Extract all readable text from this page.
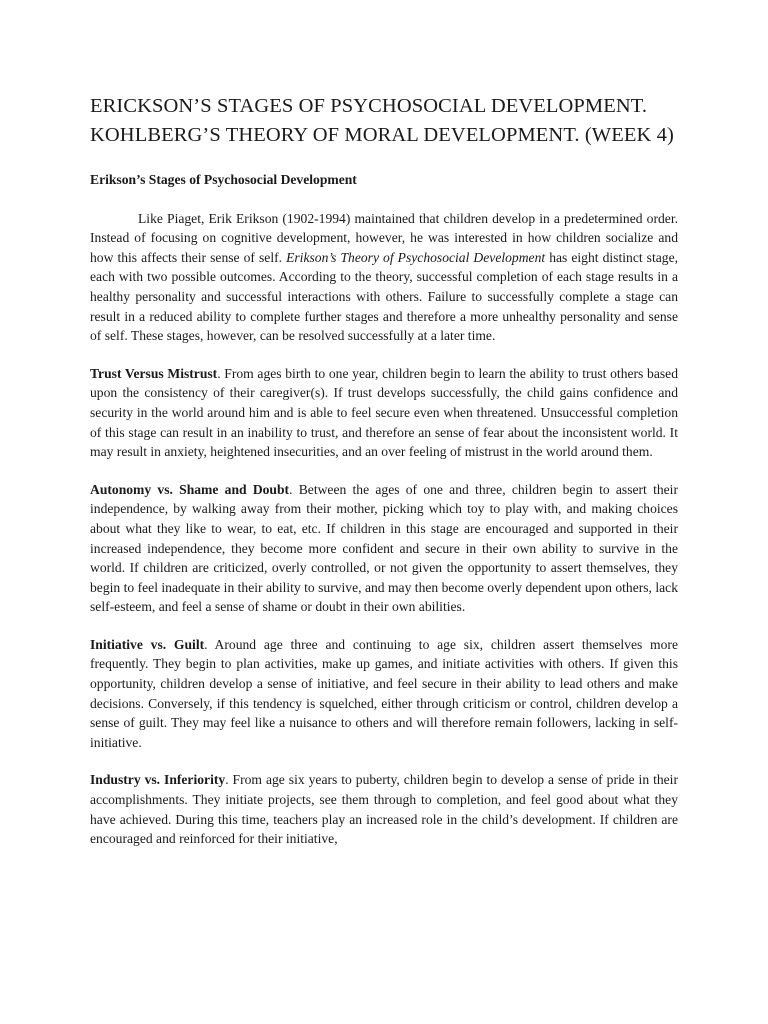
ERICKSON’S STAGES OF PSYCHOSOCIAL DEVELOPMENT.
KOHLBERG’S THEORY OF MORAL DEVELOPMENT. (WEEK 4)
Erikson’s Stages of Psychosocial Development

Like Piaget, Erik Erikson (1902-1994) maintained that children develop in a predetermined order. Instead of focusing on cognitive development, however, he was interested in how children socialize and how this affects their sense of self. Erikson’s Theory of Psychosocial Development has eight distinct stage, each with two possible outcomes. According to the theory, successful completion of each stage results in a healthy personality and successful interactions with others. Failure to successfully complete a stage can result in a reduced ability to complete further stages and therefore a more unhealthy personality and sense of self. These stages, however, can be resolved successfully at a later time.

Trust Versus Mistrust. From ages birth to one year, children begin to learn the ability to trust others based upon the consistency of their caregiver(s). If trust develops successfully, the child gains confidence and security in the world around him and is able to feel secure even when threatened. Unsuccessful completion of this stage can result in an inability to trust, and therefore an sense of fear about the inconsistent world. It may result in anxiety, heightened insecurities, and an over feeling of mistrust in the world around them.

Autonomy vs. Shame and Doubt. Between the ages of one and three, children begin to assert their independence, by walking away from their mother, picking which toy to play with, and making choices about what they like to wear, to eat, etc. If children in this stage are encouraged and supported in their increased independence, they become more confident and secure in their own ability to survive in the world. If children are criticized, overly controlled, or not given the opportunity to assert themselves, they begin to feel inadequate in their ability to survive, and may then become overly dependent upon others, lack self-esteem, and feel a sense of shame or doubt in their own abilities.

Initiative vs. Guilt. Around age three and continuing to age six, children assert themselves more frequently. They begin to plan activities, make up games, and initiate activities with others. If given this opportunity, children develop a sense of initiative, and feel secure in their ability to lead others and make decisions. Conversely, if this tendency is squelched, either through criticism or control, children develop a sense of guilt. They may feel like a nuisance to others and will therefore remain followers, lacking in self-initiative.

Industry vs. Inferiority. From age six years to puberty, children begin to develop a sense of pride in their accomplishments. They initiate projects, see them through to completion, and feel good about what they have achieved. During this time, teachers play an increased role in the child’s development. If children are encouraged and reinforced for their initiative,
